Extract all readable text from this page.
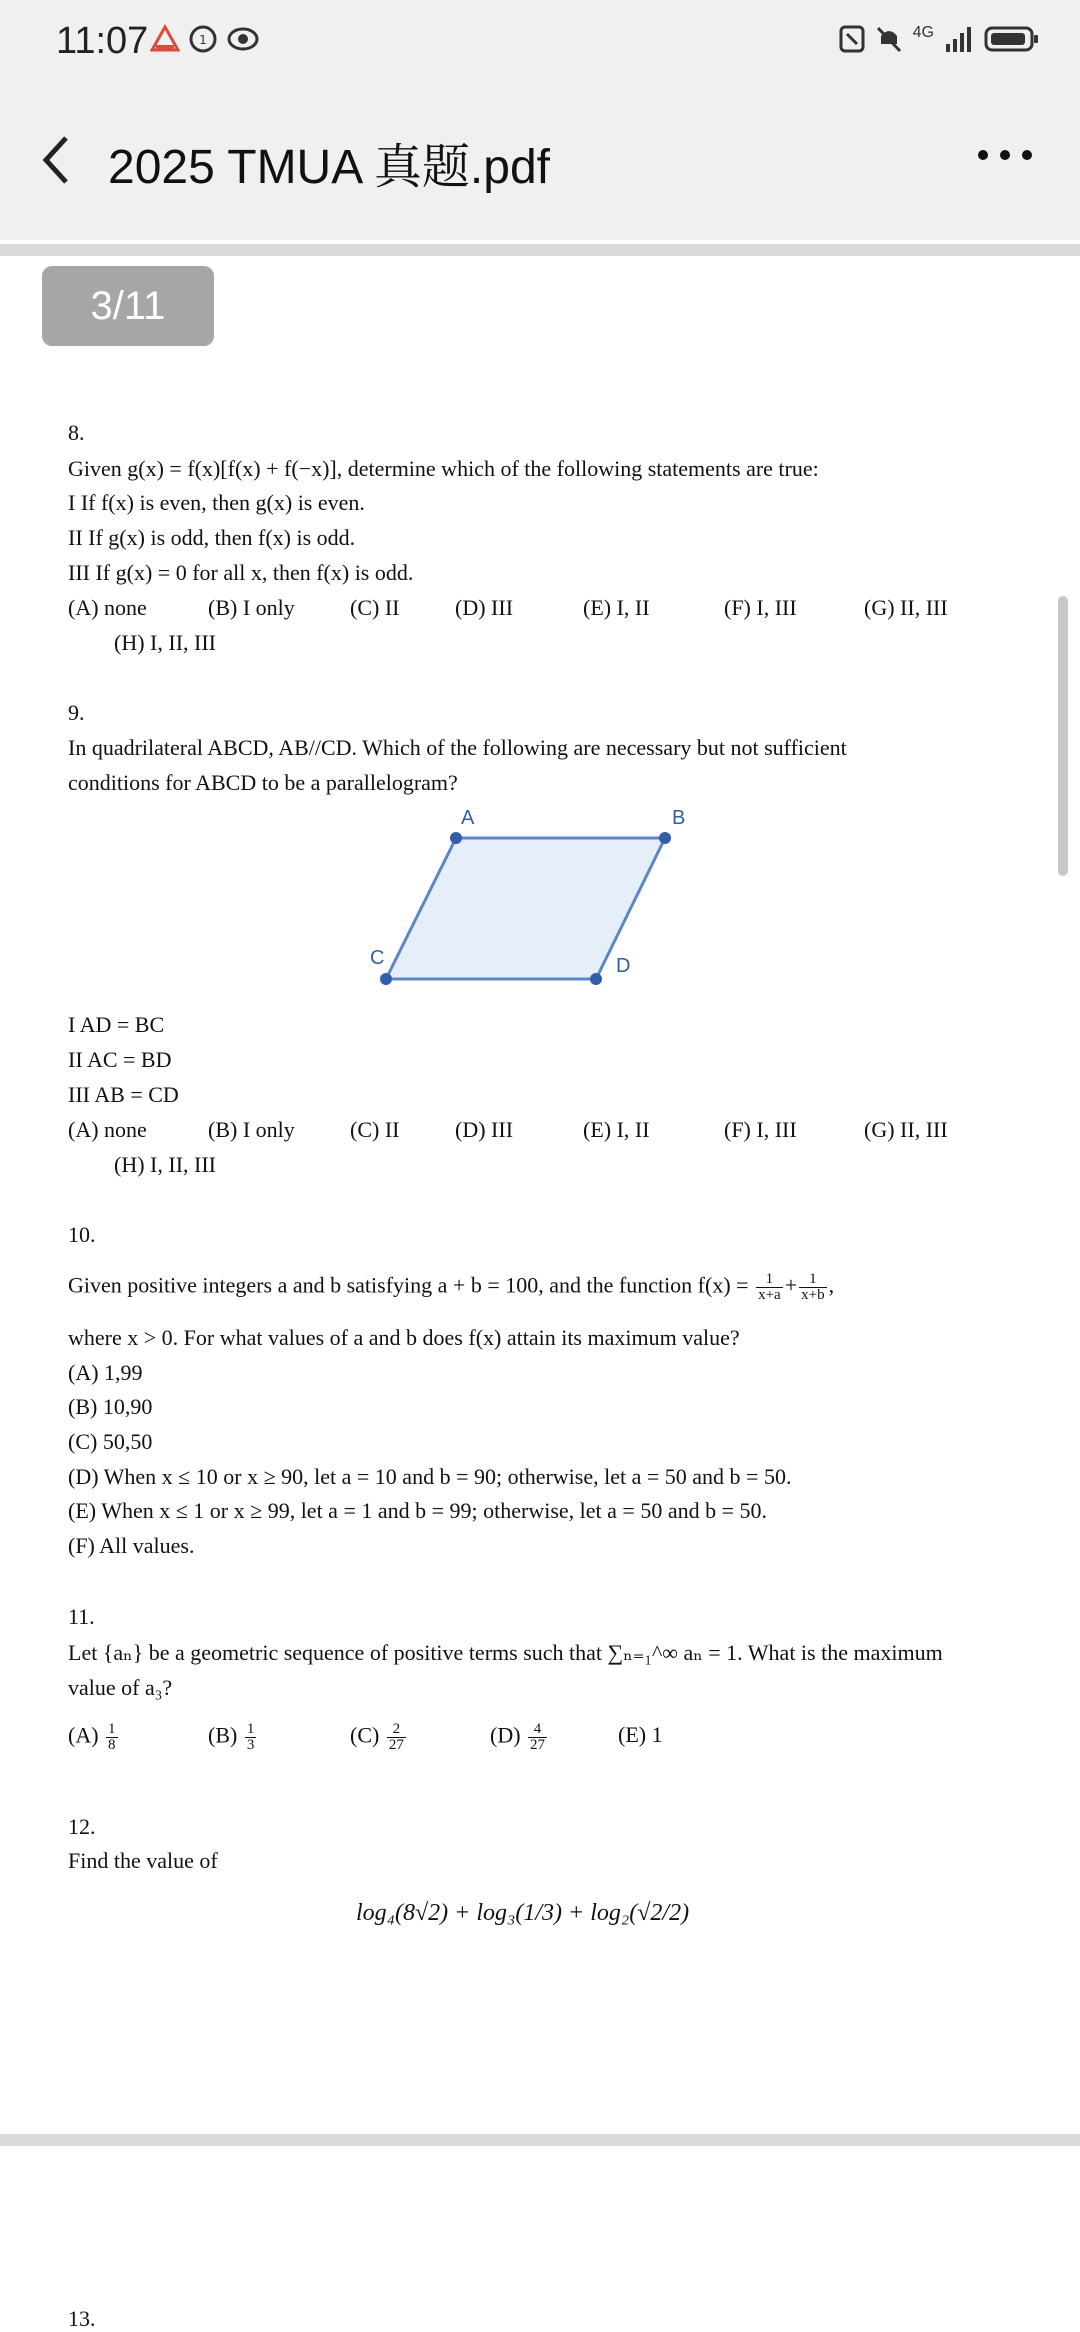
11:07	1	4G
2025 TMUA 真题.pdf
3/11
8.
Given g(x) = f(x)[f(x) + f(−x)], determine which of the following statements are true:
I If f(x) is even, then g(x) is even.
II If g(x) is odd, then f(x) is odd.
III If g(x) = 0 for all x, then f(x) is odd.
(A) none	(B) I only	(C) II	(D) III	(E) I, II	(F) I, III	(G) II, III
(H) I, II, III
9.
In quadrilateral ABCD, AB//CD. Which of the following are necessary but not sufficient
conditions for ABCD to be a parallelogram?
A	B
C	D
I AD = BC
II AC = BD
III AB = CD
(A) none	(B) I only	(C) II	(D) III	(E) I, II	(F) I, III	(G) II, III
(H) I, II, III
10.
Given positive integers a and b satisfying a + b = 100, and the function $f(x) = \frac{1}{x+a} + \frac{1}{x+b}$ ,
where x > 0. For what values of a and b does f(x) attain its maximum value?
(A) 1,99
(B) 10,90
(C) 50,50
(D) When x ≤ 10 or x ≥ 90, let a = 10 and b = 90; otherwise, let a = 50 and b = 50.
(E) When x ≤ 1 or x ≥ 99, let a = 1 and b = 99; otherwise, let a = 50 and b = 50.
(F) All values.
11.
Let {aₙ} be a geometric sequence of positive terms such that ∑ₙ₌₁^∞ aₙ = 1. What is the maximum
value of a₃?
$(A) \frac{1}{8}$	$(B) \frac{1}{3}$	$(C) \frac{2}{27}$	$(D) \frac{4}{27}$	(E) 1
12.
Find the value of
log₄(8√2) + log₃(1/3) + log₂(√2/2)
13.
